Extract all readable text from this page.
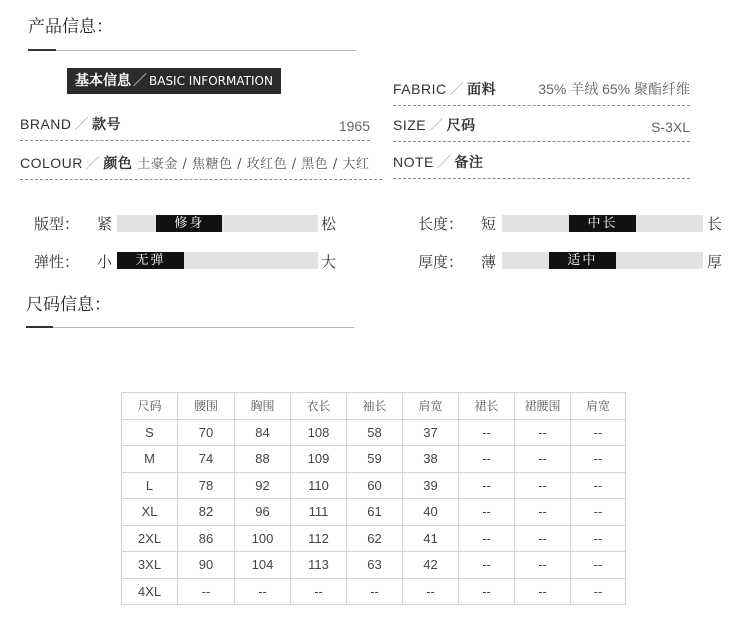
产品信息：
基本信息 ／ BASIC INFORMATION
BRAND ／ 款号	1965
COLOUR ／ 颜色 土豪金 / 焦糖色 / 玫红色 / 黑色 / 大红
FABRIC ／ 面料	35% 羊绒 65% 聚酯纤维
SIZE ／ 尺码	S-3XL
NOTE ／ 备注
版型： 紧	修身	松
弹性： 小	无弹	大
长度： 短	中长	长
厚度： 薄	适中	厚
尺码信息：
尺码	腰围	胸围	衣长	袖长	肩宽	裙长	裙腰围	肩宽
S	70	84	108	58	37	--	--	--
M	74	88	109	59	38	--	--	--
L	78	92	110	60	39	--	--	--
XL	82	96	111	61	40	--	--	--
2XL	86	100	112	62	41	--	--	--
3XL	90	104	113	63	42	--	--	--
4XL	--	--	--	--	--	--	--	--
